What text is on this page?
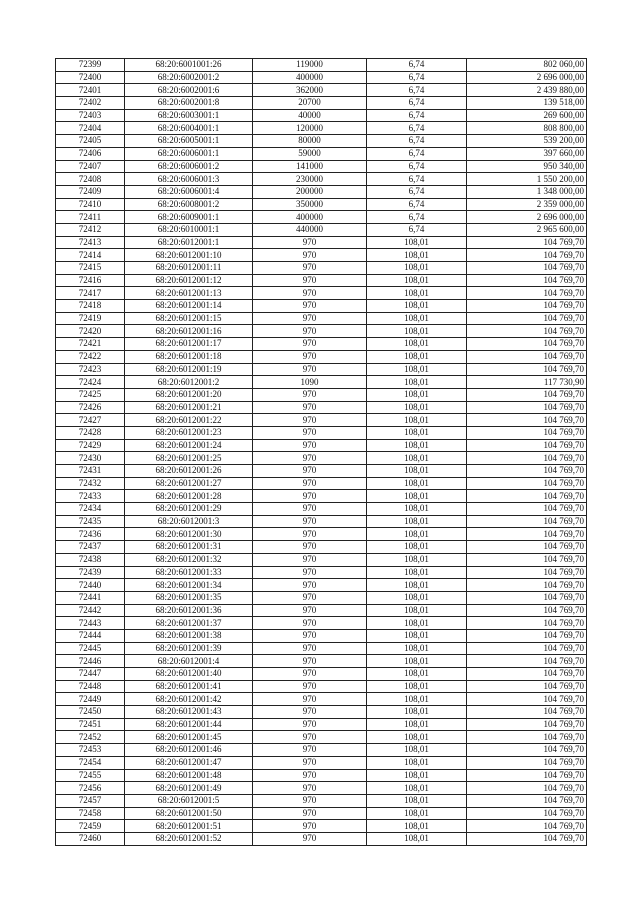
72399	68:20:6001001:26	119000	6,74	802 060,00
72400	68:20:6002001:2	400000	6,74	2 696 000,00
72401	68:20:6002001:6	362000	6,74	2 439 880,00
72402	68:20:6002001:8	20700	6,74	139 518,00
72403	68:20:6003001:1	40000	6,74	269 600,00
72404	68:20:6004001:1	120000	6,74	808 800,00
72405	68:20:6005001:1	80000	6,74	539 200,00
72406	68:20:6006001:1	59000	6,74	397 660,00
72407	68:20:6006001:2	141000	6,74	950 340,00
72408	68:20:6006001:3	230000	6,74	1 550 200,00
72409	68:20:6006001:4	200000	6,74	1 348 000,00
72410	68:20:6008001:2	350000	6,74	2 359 000,00
72411	68:20:6009001:1	400000	6,74	2 696 000,00
72412	68:20:6010001:1	440000	6,74	2 965 600,00
72413	68:20:6012001:1	970	108,01	104 769,70
72414	68:20:6012001:10	970	108,01	104 769,70
72415	68:20:6012001:11	970	108,01	104 769,70
72416	68:20:6012001:12	970	108,01	104 769,70
72417	68:20:6012001:13	970	108,01	104 769,70
72418	68:20:6012001:14	970	108,01	104 769,70
72419	68:20:6012001:15	970	108,01	104 769,70
72420	68:20:6012001:16	970	108,01	104 769,70
72421	68:20:6012001:17	970	108,01	104 769,70
72422	68:20:6012001:18	970	108,01	104 769,70
72423	68:20:6012001:19	970	108,01	104 769,70
72424	68:20:6012001:2	1090	108,01	117 730,90
72425	68:20:6012001:20	970	108,01	104 769,70
72426	68:20:6012001:21	970	108,01	104 769,70
72427	68:20:6012001:22	970	108,01	104 769,70
72428	68:20:6012001:23	970	108,01	104 769,70
72429	68:20:6012001:24	970	108,01	104 769,70
72430	68:20:6012001:25	970	108,01	104 769,70
72431	68:20:6012001:26	970	108,01	104 769,70
72432	68:20:6012001:27	970	108,01	104 769,70
72433	68:20:6012001:28	970	108,01	104 769,70
72434	68:20:6012001:29	970	108,01	104 769,70
72435	68:20:6012001:3	970	108,01	104 769,70
72436	68:20:6012001:30	970	108,01	104 769,70
72437	68:20:6012001:31	970	108,01	104 769,70
72438	68:20:6012001:32	970	108,01	104 769,70
72439	68:20:6012001:33	970	108,01	104 769,70
72440	68:20:6012001:34	970	108,01	104 769,70
72441	68:20:6012001:35	970	108,01	104 769,70
72442	68:20:6012001:36	970	108,01	104 769,70
72443	68:20:6012001:37	970	108,01	104 769,70
72444	68:20:6012001:38	970	108,01	104 769,70
72445	68:20:6012001:39	970	108,01	104 769,70
72446	68:20:6012001:4	970	108,01	104 769,70
72447	68:20:6012001:40	970	108,01	104 769,70
72448	68:20:6012001:41	970	108,01	104 769,70
72449	68:20:6012001:42	970	108,01	104 769,70
72450	68:20:6012001:43	970	108,01	104 769,70
72451	68:20:6012001:44	970	108,01	104 769,70
72452	68:20:6012001:45	970	108,01	104 769,70
72453	68:20:6012001:46	970	108,01	104 769,70
72454	68:20:6012001:47	970	108,01	104 769,70
72455	68:20:6012001:48	970	108,01	104 769,70
72456	68:20:6012001:49	970	108,01	104 769,70
72457	68:20:6012001:5	970	108,01	104 769,70
72458	68:20:6012001:50	970	108,01	104 769,70
72459	68:20:6012001:51	970	108,01	104 769,70
72460	68:20:6012001:52	970	108,01	104 769,70
